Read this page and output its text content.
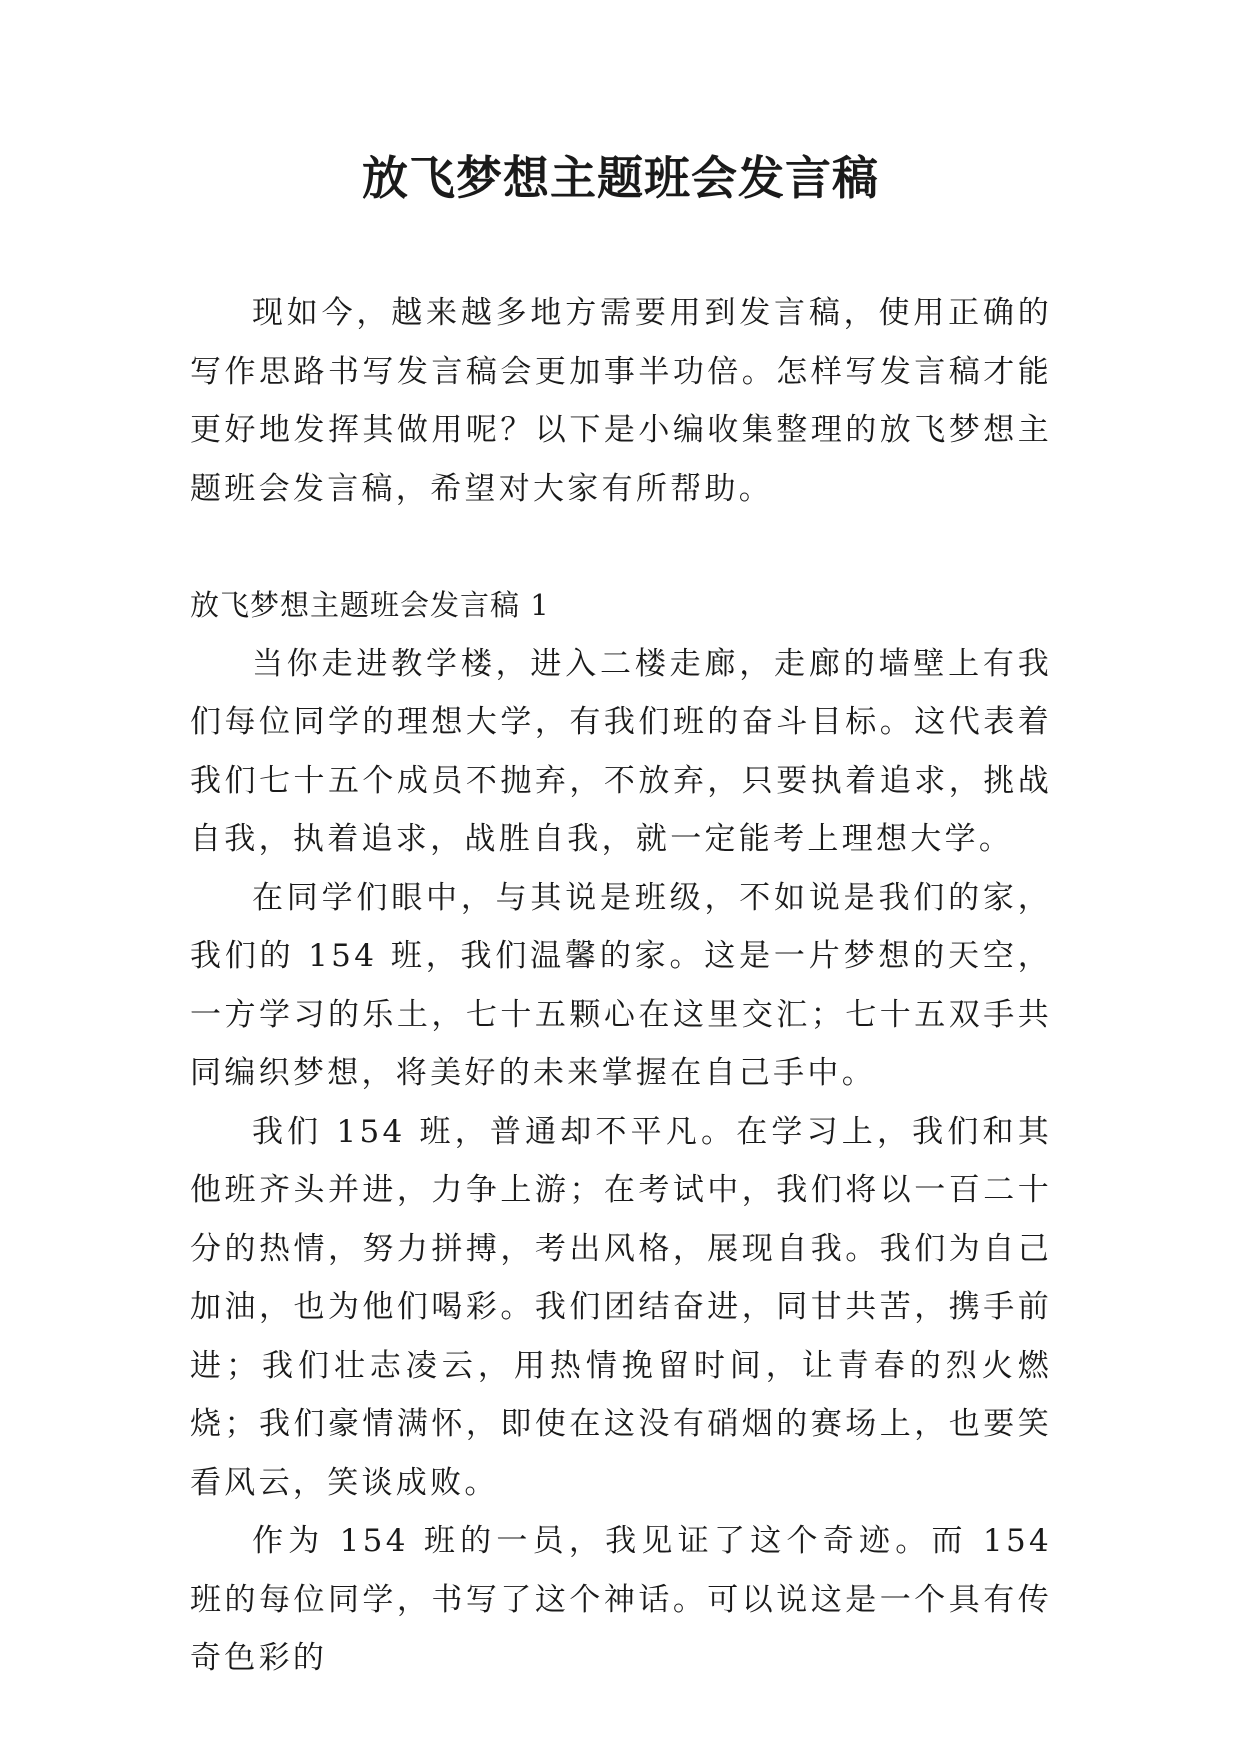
放飞梦想主题班会发言稿

现如今，越来越多地方需要用到发言稿，使用正确的写作思路书写发言稿会更加事半功倍。怎样写发言稿才能更好地发挥其做用呢？以下是小编收集整理的放飞梦想主题班会发言稿，希望对大家有所帮助。

放飞梦想主题班会发言稿 1

当你走进教学楼，进入二楼走廊，走廊的墙壁上有我们每位同学的理想大学，有我们班的奋斗目标。这代表着我们七十五个成员不抛弃，不放弃，只要执着追求，挑战自我，执着追求，战胜自我，就一定能考上理想大学。

在同学们眼中，与其说是班级，不如说是我们的家，我们的 154 班，我们温馨的家。这是一片梦想的天空，一方学习的乐土，七十五颗心在这里交汇；七十五双手共同编织梦想，将美好的未来掌握在自己手中。

我们 154 班，普通却不平凡。在学习上，我们和其他班齐头并进，力争上游；在考试中，我们将以一百二十分的热情，努力拼搏，考出风格，展现自我。我们为自己加油，也为他们喝彩。我们团结奋进，同甘共苦，携手前进；我们壮志凌云，用热情挽留时间，让青春的烈火燃烧；我们豪情满怀，即使在这没有硝烟的赛场上，也要笑看风云，笑谈成败。

作为 154 班的一员，我见证了这个奇迹。而 154 班的每位同学，书写了这个神话。可以说这是一个具有传奇色彩的
